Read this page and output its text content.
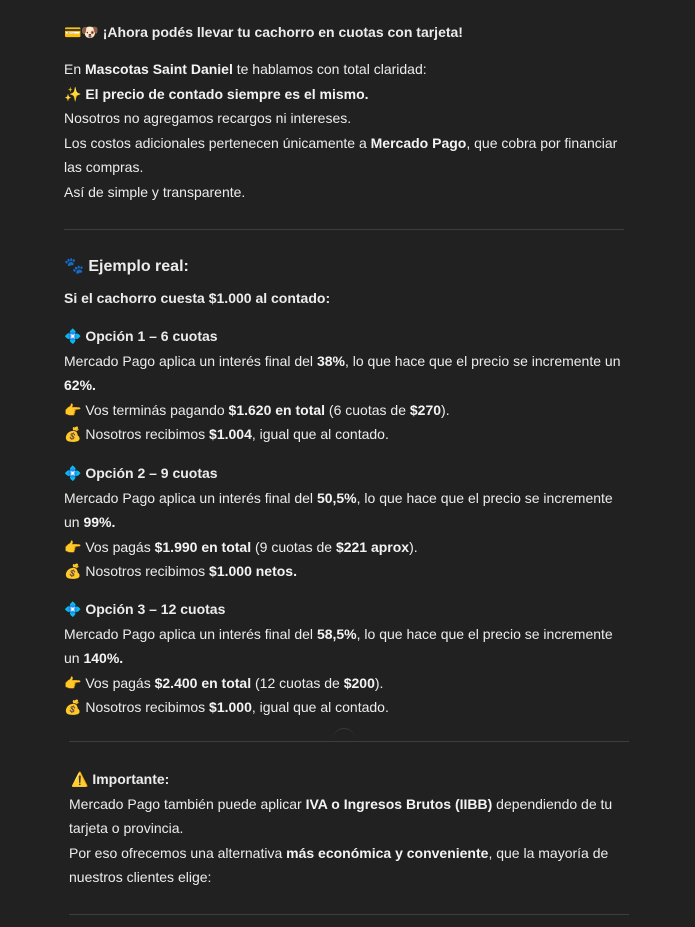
💳🐶 ¡Ahora podés llevar tu cachorro en cuotas con tarjeta!

En Mascotas Saint Daniel te hablamos con total claridad:

✨ El precio de contado siempre es el mismo.

Nosotros no agregamos recargos ni intereses.

Los costos adicionales pertenecen únicamente a Mercado Pago, que cobra por financiar

las compras.

Así de simple y transparente.

🐾 Ejemplo real:

Si el cachorro cuesta $1.000 al contado:

💠 Opción 1 – 6 cuotas

Mercado Pago aplica un interés final del 38%, lo que hace que el precio se incremente un

62%.

👉 Vos terminás pagando $1.620 en total (6 cuotas de $270).

💰 Nosotros recibimos $1.004, igual que al contado.

💠 Opción 2 – 9 cuotas

Mercado Pago aplica un interés final del 50,5%, lo que hace que el precio se incremente

un 99%.

👉 Vos pagás $1.990 en total (9 cuotas de $221 aprox).

💰 Nosotros recibimos $1.000 netos.

💠 Opción 3 – 12 cuotas

Mercado Pago aplica un interés final del 58,5%, lo que hace que el precio se incremente

un 140%.

👉 Vos pagás $2.400 en total (12 cuotas de $200).

💰 Nosotros recibimos $1.000, igual que al contado.

⚠️ Importante:

Mercado Pago también puede aplicar IVA o Ingresos Brutos (IIBB) dependiendo de tu

tarjeta o provincia.

Por eso ofrecemos una alternativa más económica y conveniente, que la mayoría de

nuestros clientes elige:
